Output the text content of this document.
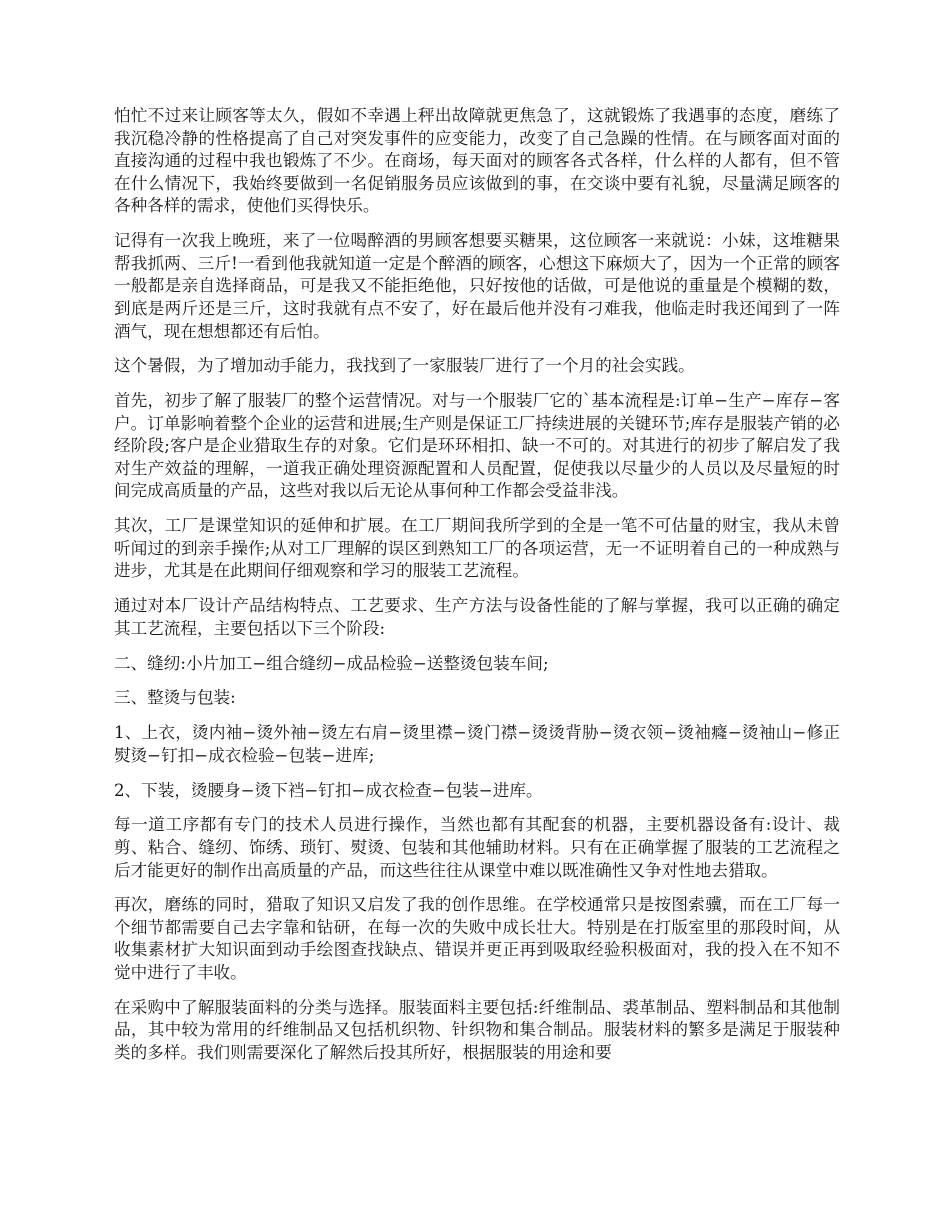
怕忙不过来让顾客等太久，假如不幸遇上秤出故障就更焦急了，这就锻炼了我遇事的态度，磨练了我沉稳冷静的性格提高了自己对突发事件的应变能力，改变了自己急躁的性情。在与顾客面对面的直接沟通的过程中我也锻炼了不少。在商场，每天面对的顾客各式各样，什么样的人都有，但不管在什么情况下，我始终要做到一名促销服务员应该做到的事，在交谈中要有礼貌，尽量满足顾客的各种各样的需求，使他们买得快乐。

记得有一次我上晚班，来了一位喝醉酒的男顾客想要买糖果，这位顾客一来就说：小妹，这堆糖果帮我抓两、三斤!一看到他我就知道一定是个醉酒的顾客，心想这下麻烦大了，因为一个正常的顾客一般都是亲自选择商品，可是我又不能拒绝他，只好按他的话做，可是他说的重量是个模糊的数，到底是两斤还是三斤，这时我就有点不安了，好在最后他并没有刁难我，他临走时我还闻到了一阵酒气，现在想想都还有后怕。

这个暑假，为了增加动手能力，我找到了一家服装厂进行了一个月的社会实践。

首先，初步了解了服装厂的整个运营情况。对与一个服装厂它的`基本流程是:订单−生产−库存−客户。订单影响着整个企业的运营和进展;生产则是保证工厂持续进展的关键环节;库存是服装产销的必经阶段;客户是企业猎取生存的对象。它们是环环相扣、缺一不可的。对其进行的初步了解启发了我对生产效益的理解，一道我正确处理资源配置和人员配置，促使我以尽量少的人员以及尽量短的时间完成高质量的产品，这些对我以后无论从事何种工作都会受益非浅。

其次，工厂是课堂知识的延伸和扩展。在工厂期间我所学到的全是一笔不可估量的财宝，我从未曾听闻过的到亲手操作;从对工厂理解的误区到熟知工厂的各项运营，无一不证明着自己的一种成熟与进步，尤其是在此期间仔细观察和学习的服装工艺流程。

通过对本厂设计产品结构特点、工艺要求、生产方法与设备性能的了解与掌握，我可以正确的确定其工艺流程，主要包括以下三个阶段:

二、缝纫:小片加工−组合缝纫−成品检验−送整烫包装车间;

三、整烫与包装:

1、上衣，烫内袖−烫外袖−烫左右肩−烫里襟−烫门襟−烫烫背胁−烫衣领−烫袖癃−烫袖山−修正熨烫−钉扣−成衣检验−包装−进库;

2、下装，烫腰身−烫下裆−钉扣−成衣检查−包装−进库。

每一道工序都有专门的技术人员进行操作，当然也都有其配套的机器，主要机器设备有:设计、裁剪、粘合、缝纫、饰绣、琐钉、熨烫、包装和其他辅助材料。只有在正确掌握了服装的工艺流程之后才能更好的制作出高质量的产品，而这些往往从课堂中难以既准确性又争对性地去猎取。

再次，磨练的同时，猎取了知识又启发了我的创作思维。在学校通常只是按图索骥，而在工厂每一个细节都需要自己去字靠和钻研，在每一次的失败中成长壮大。特别是在打版室里的那段时间，从收集素材扩大知识面到动手绘图查找缺点、错误并更正再到吸取经验积极面对，我的投入在不知不觉中进行了丰收。

在采购中了解服装面料的分类与选择。服装面料主要包括:纤维制品、裘革制品、塑料制品和其他制品，其中较为常用的纤维制品又包括机织物、针织物和集合制品。服装材料的繁多是满足于服装种类的多样。我们则需要深化了解然后投其所好，根据服装的用途和要
